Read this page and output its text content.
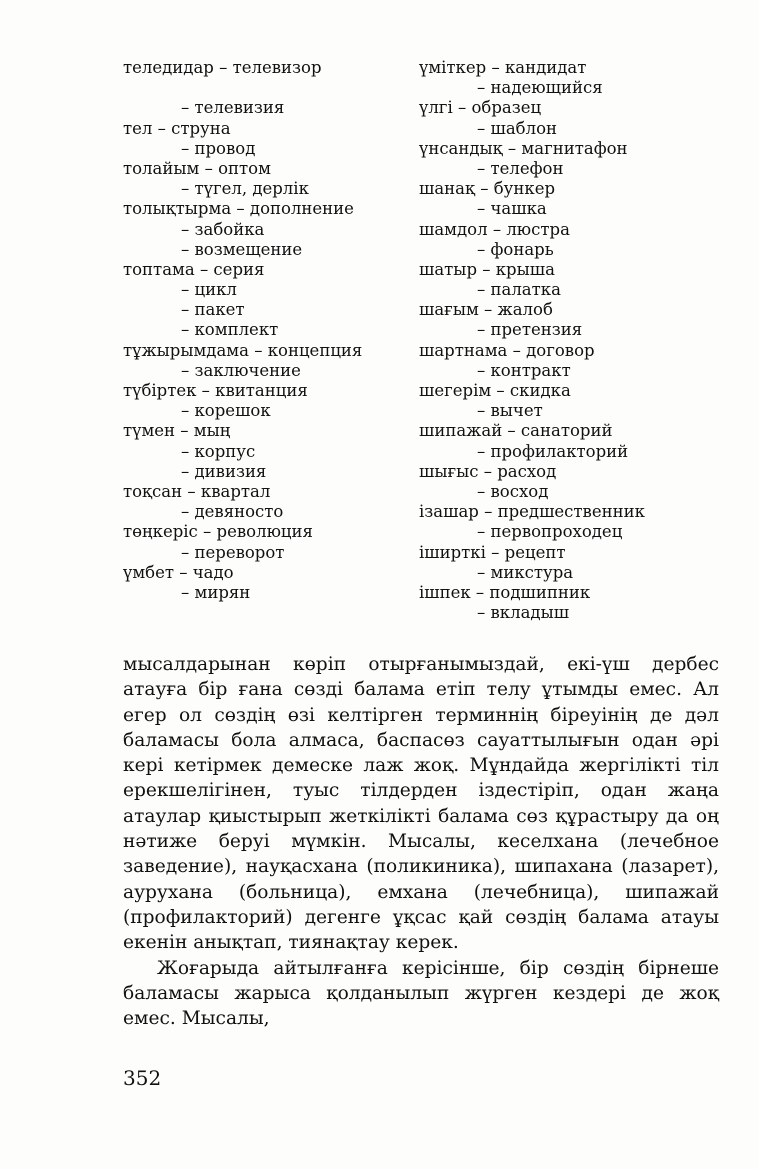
теледидар – телевизор
– телевизия
тел – струна
– провод
толайым – оптом
– түгел, дерлік
толықтырма – дополнение
– забойка
– возмещение
топтама – серия
– цикл
– пакет
– комплект
тұжырымдама – концепция
– заключение
түбіртек – квитанция
– корешок
түмен – мың
– корпус
– дивизия
тоқсан – квартал
– девяносто
төңкеріс – революция
– переворот
үмбет – чадо
– мирян
үміткер – кандидат
– надеющийся
үлгі – образец
– шаблон
үнсандық – магнитафон
– телефон
шанақ – бункер
– чашка
шамдол – люстра
– фонарь
шатыр – крыша
– палатка
шағым – жалоб
– претензия
шартнама – договор
– контракт
шегерім – скидка
– вычет
шипажай – санаторий
– профилакторий
шығыс – расход
– восход
ізашар – предшественник
– первопроходец
іширткі – рецепт
– микстура
ішпек – подшипник
– вкладыш

мысалдарынан көріп отырғанымыздай, екі-үш дербес атауға бір ғана сөзді балама етіп телу ұтымды емес. Ал егер ол сөздің өзі келтірген терминнің біреуінің де дәл баламасы бола алмаса, баспасөз сауаттылығын одан әрі кері кетірмек демеске лаж жоқ. Мұндайда жергілікті тіл ерекшелігінен, туыс тілдерден іздестіріп, одан жаңа атаулар қиыстырып жеткілікті балама сөз құрастыру да оң нәтиже беруі мүмкін. Мысалы, кеселхана (лечебное заведение), науқасхана (поликиника), шипахана (лазарет), аурухана (больница), емхана (лечебница), шипажай (профилакторий) дегенге ұқсас қай сөздің балама атауы екенін анықтап, тиянақтау керек.

Жоғарыда айтылғанға керісінше, бір сөздің бірнеше баламасы жарыса қолданылып жүрген кездері де жоқ емес. Мысалы,

352
